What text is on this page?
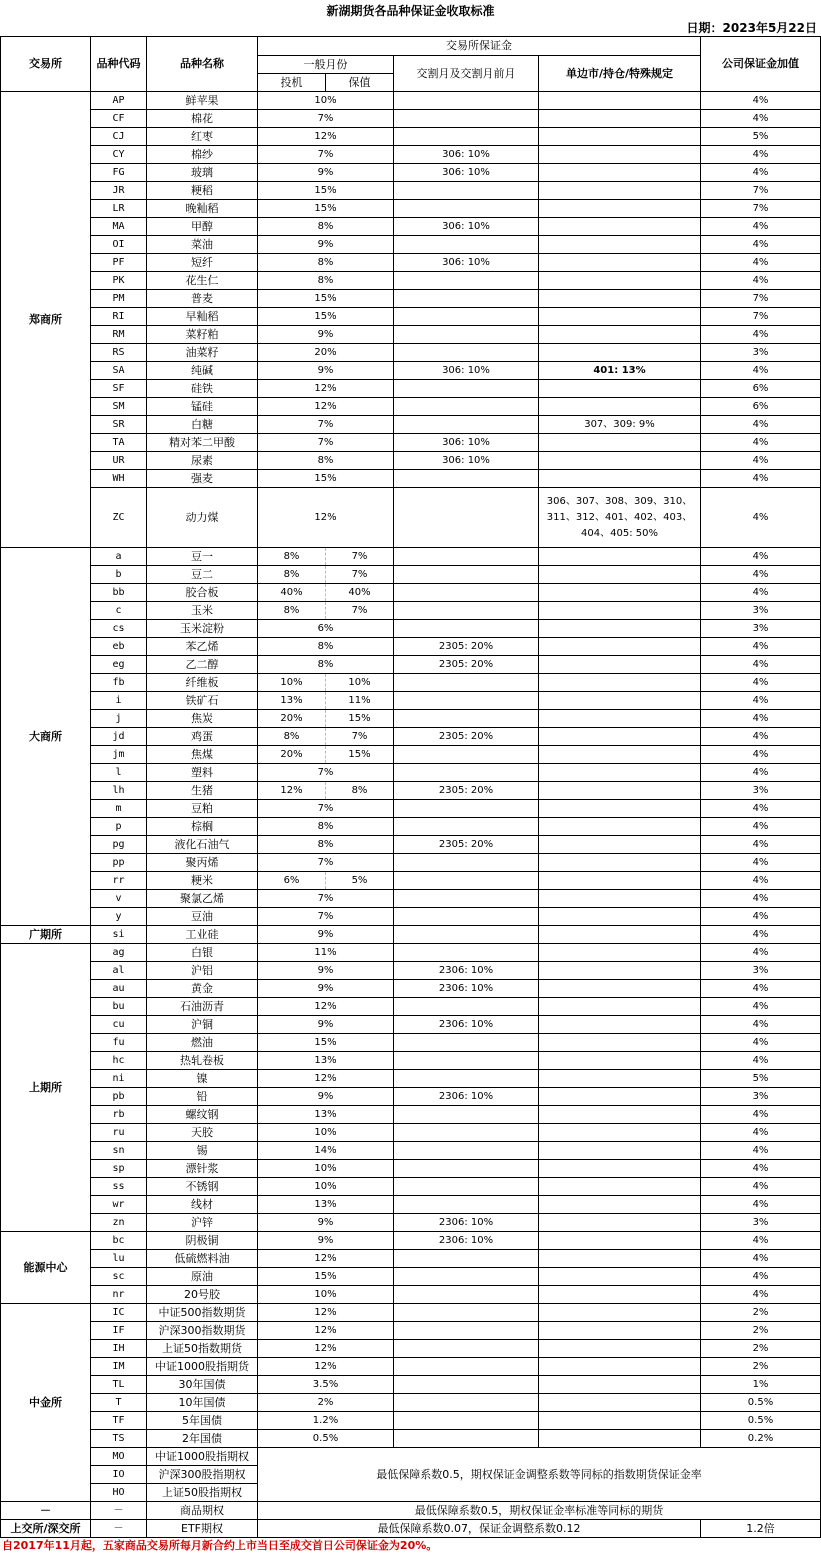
新湖期货各品种保证金收取标准
日期：2023年5月22日
交易所	品种代码	品种名称	交易所保证金				公司保证金加值
			一般月份		交割月及交割月前月	单边市/持仓/特殊规定	
			投机	保值			
郑商所	AP	鲜苹果	10%				4%
	CF	棉花	7%				4%
	CJ	红枣	12%				5%
	CY	棉纱	7%		306: 10%		4%
	FG	玻璃	9%		306: 10%		4%
	JR	粳稻	15%				7%
	LR	晚籼稻	15%				7%
	MA	甲醇	8%		306: 10%		4%
	OI	菜油	9%				4%
	PF	短纤	8%		306: 10%		4%
	PK	花生仁	8%				4%
	PM	普麦	15%				7%
	RI	早籼稻	15%				7%
	RM	菜籽粕	9%				4%
	RS	油菜籽	20%				3%
	SA	纯碱	9%		306: 10%	401: 13%	4%
	SF	硅铁	12%				6%
	SM	锰硅	12%				6%
	SR	白糖	7%			307、309: 9%	4%
	TA	精对苯二甲酸	7%		306: 10%		4%
	UR	尿素	8%		306: 10%		4%
	WH	强麦	15%				4%
	ZC	动力煤	12%			306、307、308、309、310、311、312、401、402、403、404、405: 50%	4%
大商所	a	豆一	8%	7%			4%
	b	豆二	8%	7%			4%
	bb	胶合板	40%	40%			4%
	c	玉米	8%	7%			3%
	cs	玉米淀粉	6%				3%
	eb	苯乙烯	8%		2305: 20%		4%
	eg	乙二醇	8%		2305: 20%		4%
	fb	纤维板	10%	10%			4%
	i	铁矿石	13%	11%			4%
	j	焦炭	20%	15%			4%
	jd	鸡蛋	8%	7%	2305: 20%		4%
	jm	焦煤	20%	15%			4%
	l	塑料	7%				4%
	lh	生猪	12%	8%	2305: 20%		3%
	m	豆粕	7%				4%
	p	棕榈	8%				4%
	pg	液化石油气	8%		2305: 20%		4%
	pp	聚丙烯	7%				4%
	rr	粳米	6%	5%			4%
	v	聚氯乙烯	7%				4%
	y	豆油	7%				4%
广期所	si	工业硅	9%				4%
上期所	ag	白银	11%				4%
	al	沪铝	9%		2306: 10%		3%
	au	黄金	9%		2306: 10%		4%
	bu	石油沥青	12%				4%
	cu	沪铜	9%		2306: 10%		4%
	fu	燃油	15%				4%
	hc	热轧卷板	13%				4%
	ni	镍	12%				5%
	pb	铅	9%		2306: 10%		3%
	rb	螺纹钢	13%				4%
	ru	天胶	10%				4%
	sn	锡	14%				4%
	sp	漂针浆	10%				4%
	ss	不锈钢	10%				4%
	wr	线材	13%				4%
	zn	沪锌	9%		2306: 10%		3%
能源中心	bc	阴极铜	9%		2306: 10%		4%
	lu	低硫燃料油	12%				4%
	sc	原油	15%				4%
	nr	20号胶	10%				4%
中金所	IC	中证500指数期货	12%				2%
	IF	沪深300指数期货	12%				2%
	IH	上证50指数期货	12%				2%
	IM	中证1000股指期货	12%				2%
	TL	30年国债	3.5%				1%
	T	10年国债	2%				0.5%
	TF	5年国债	1.2%				0.5%
	TS	2年国债	0.5%				0.2%
	MO	中证1000股指期权	最低保障系数0.5，期权保证金调整系数等同标的指数期货保证金率				
	IO	沪深300股指期权					
	HO	上证50股指期权					
－	－	商品期权	最低保障系数0.5，期权保证金率标准等同标的期货				
上交所/深交所	－	ETF期权	最低保障系数0.07，保证金调整系数0.12				1.2倍
自2017年11月起，五家商品交易所每月新合约上市当日至成交首日公司保证金为20%。
